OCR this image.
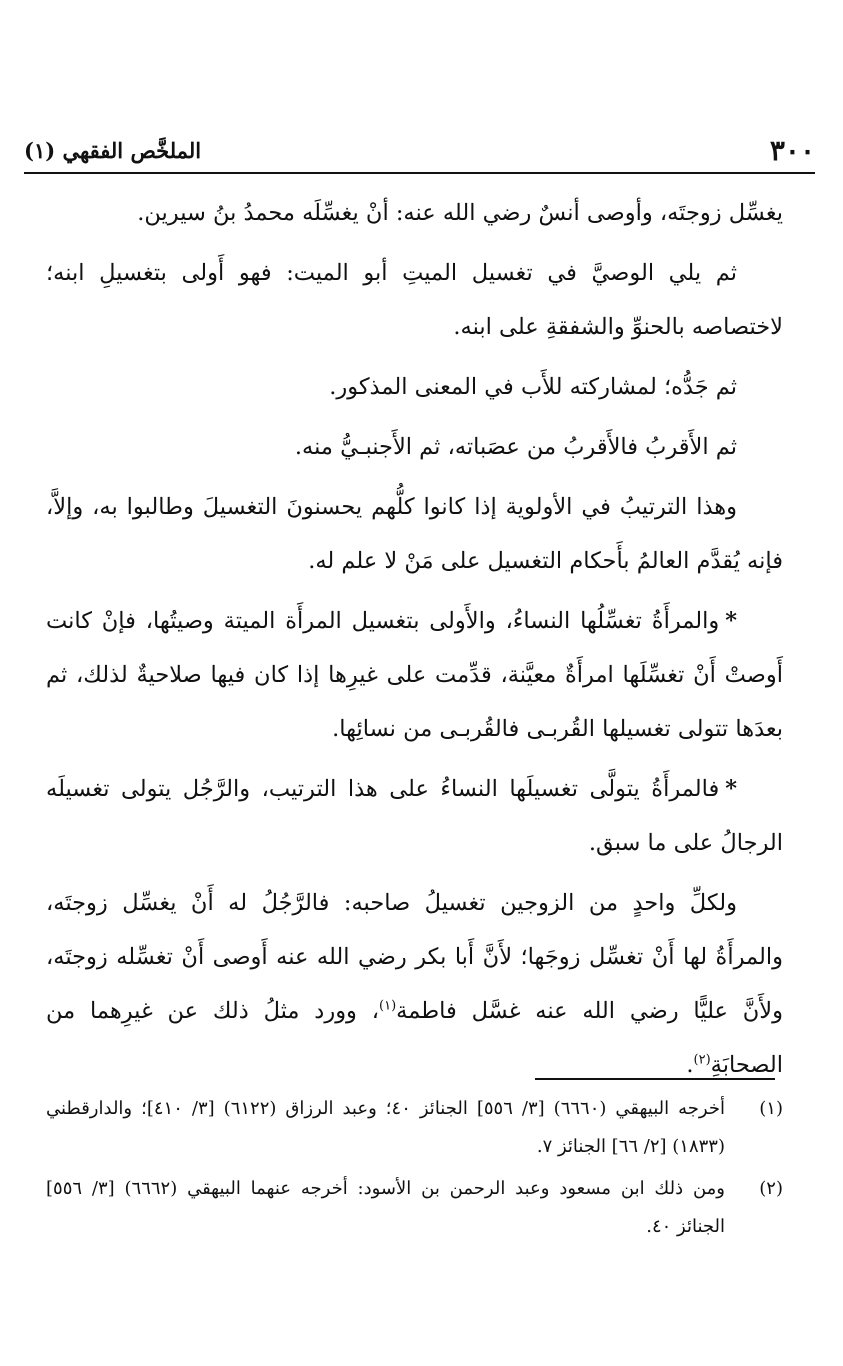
٣٠٠
الملخَّص الفقهي (١)

يغسِّل زوجتَه، وأوصى أنسٌ رضي الله عنه: أنْ يغسِّلَه محمدُ بنُ سيرين.

ثم يلي الوصيَّ في تغسيل الميتِ أبو الميت: فهو أَولى بتغسيلِ ابنه؛ لاختصاصه بالحنوِّ والشفقةِ على ابنه.

ثم جَدُّه؛ لمشاركته للأَب في المعنى المذكور.

ثم الأَقربُ فالأَقربُ من عصَباته، ثم الأَجنبـيُّ منه.

وهذا الترتيبُ في الأولوية إذا كانوا كلُّهم يحسنونَ التغسيلَ وطالبوا به، وإلاَّ، فإنه يُقدَّم العالمُ بأَحكام التغسيل على مَنْ لا علم له.

*والمرأَةُ تغسِّلُها النساءُ، والأَولى بتغسيل المرأَة الميتة وصيتُها، فإنْ كانت أَوصتْ أَنْ تغسِّلَها امرأَةٌ معيَّنة، قدِّمت على غيرِها إذا كان فيها صلاحيةٌ لذلك، ثم بعدَها تتولى تغسيلها القُربـى فالقُربـى من نسائِها.

*فالمرأَةُ يتولَّى تغسيلَها النساءُ على هذا الترتيب، والرَّجُل يتولى تغسيلَه الرجالُ على ما سبق.

ولكلِّ واحدٍ من الزوجين تغسيلُ صاحبه: فالرَّجُلُ له أَنْ يغسِّل زوجتَه، والمرأَةُ لها أَنْ تغسِّل زوجَها؛ لأَنَّ أَبا بكر رضي الله عنه أَوصى أَنْ تغسِّله زوجتَه، ولأَنَّ عليًّا رضي الله عنه غسَّل فاطمة$^{(١)}$، وورد مثلُ ذلك عن غيرِهما من الصحابَةِ$^{(٢)}$.

(١)
أخرجه البيهقي (٦٦٦٠) [٣/ ٥٥٦] الجنائز ٤٠؛ وعبد الرزاق (٦١٢٢) [٣/ ٤١٠]؛ والدارقطني (١٨٣٣) [٢/ ٦٦] الجنائز ٧.
(٢)
ومن ذلك ابن مسعود وعبد الرحمن بن الأسود: أخرجه عنهما البيهقي (٦٦٦٢) [٣/ ٥٥٦] الجنائز ٤٠.
